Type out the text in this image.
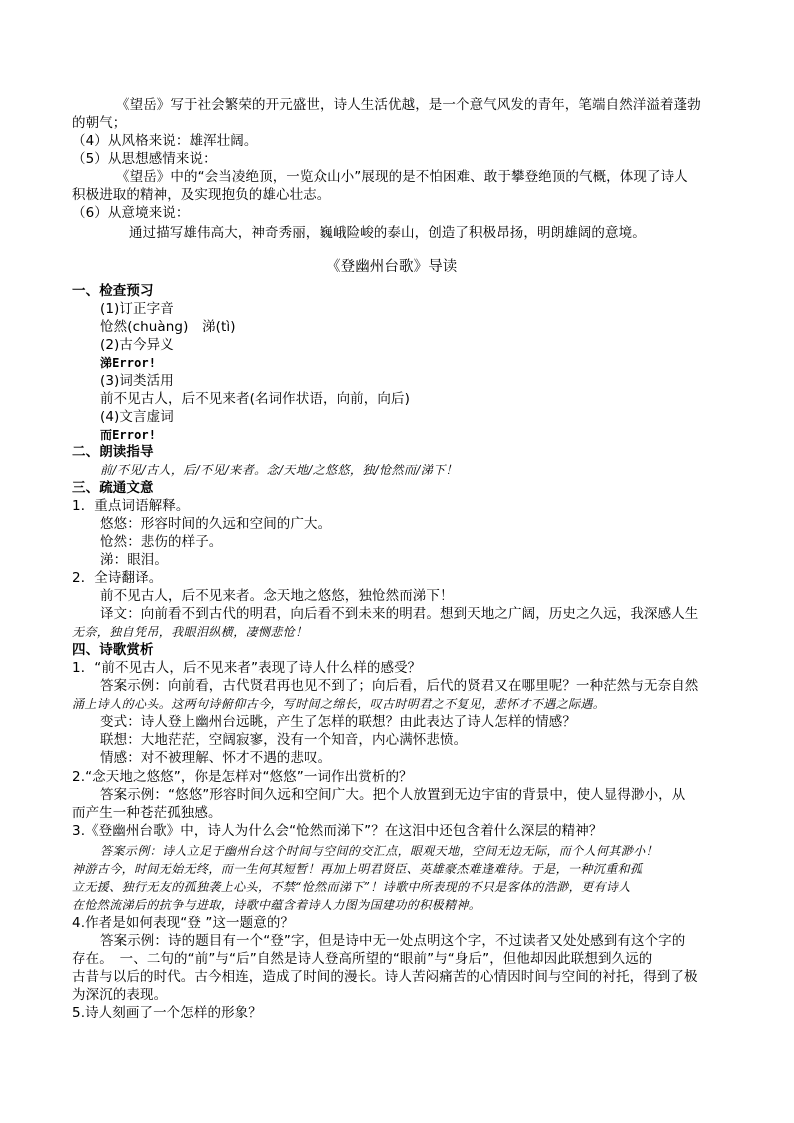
《望岳》写于社会繁荣的开元盛世，诗人生活优越，是一个意气风发的青年，笔端自然洋溢着蓬勃

的朝气；

（4）从风格来说：雄浑壮阔。

（5）从思想感情来说：

《望岳》中的“会当凌绝顶，一览众山小”展现的是不怕困难、敢于攀登绝顶的气概，体现了诗人

积极进取的精神，及实现抱负的雄心壮志。

（6）从意境来说：

通过描写雄伟高大，神奇秀丽，巍峨险峻的泰山，创造了积极昂扬，明朗雄阔的意境。

《登幽州台歌》导读

一、检查预习

(1)订正字音

怆然(chuàng)　涕(tì)

(2)古今异义

涕Error!

(3)词类活用

前不见古人，后不见来者(名词作状语，向前，向后)

(4)文言虚词

而Error!

二、朗读指导

前/不见/古人，后/不见/来者。念/天地/之悠悠，独/怆然而/涕下！

三、疏通文意

1．重点词语解释。

悠悠：形容时间的久远和空间的广大。

怆然：悲伤的样子。

涕：眼泪。

2．全诗翻译。

前不见古人，后不见来者。念天地之悠悠，独怆然而涕下！

译文：向前看不到古代的明君，向后看不到未来的明君。想到天地之广阔，历史之久远，我深感人生

无奈，独自凭吊，我眼泪纵横，凄恻悲怆！

四、诗歌赏析

1．“前不见古人，后不见来者”表现了诗人什么样的感受？

答案示例：向前看，古代贤君再也见不到了；向后看，后代的贤君又在哪里呢？一种茫然与无奈自然

涌上诗人的心头。这两句诗俯仰古今，写时间之绵长，叹古时明君之不复见，悲怀才不遇之际遇。

变式：诗人登上幽州台远眺，产生了怎样的联想？由此表达了诗人怎样的情感？

联想：大地茫茫，空阔寂寥，没有一个知音，内心满怀悲愤。

情感：对不被理解、怀才不遇的悲叹。

2.“念天地之悠悠”，你是怎样对“悠悠”一词作出赏析的？

答案示例：“悠悠”形容时间久远和空间广大。把个人放置到无边宇宙的背景中，使人显得渺小，从

而产生一种苍茫孤独感。

3.《登幽州台歌》中，诗人为什么会“怆然而涕下”？在这泪中还包含着什么深层的精神？

答案示例：诗人立足于幽州台这个时间与空间的交汇点，眼观天地，空间无边无际，而个人何其渺小！

神游古今，时间无始无终，而一生何其短暂！再加上明君贤臣、英雄豪杰难逢难待。于是，一种沉重和孤

立无援、独行无友的孤独袭上心头，不禁“怆然而涕下”！诗歌中所表现的不只是客体的浩渺，更有诗人

在怆然流涕后的抗争与进取，诗歌中蕴含着诗人力图为国建功的积极精神。

4.作者是如何表现“登 ”这一题意的？

答案示例：诗的题目有一个“登”字，但是诗中无一处点明这个字，不过读者又处处感到有这个字的

存在。　一、二句的“前”与“后”自然是诗人登高所望的“眼前”与“身后”，但他却因此联想到久远的

古昔与以后的时代。古今相连，造成了时间的漫长。诗人苦闷痛苦的心情因时间与空间的衬托，得到了极

为深沉的表现。

5.诗人刻画了一个怎样的形象？
